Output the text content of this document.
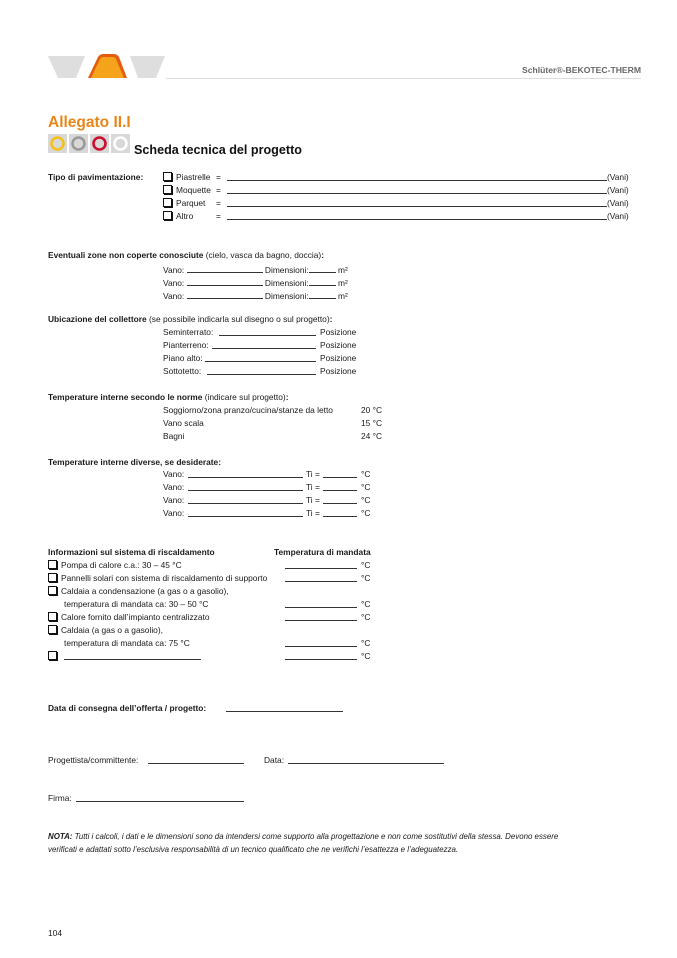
Schlüter®-BEKOTEC-THERM
Allegato II.I
Scheda tecnica del progetto
Tipo di pavimentazione:	Piastrelle =	(Vani)
Moquette =	(Vani)
Parquet =	(Vani)
Altro	=	(Vani)
Eventuali zone non coperte conosciute (cielo, vasca da bagno, doccia):
Vano:	Dimensioni:	m²
Vano:	Dimensioni:	m²
Vano:	Dimensioni:	m²
Ubicazione del collettore (se possibile indicarla sul disegno o sul progetto):
Seminterrato:	Posizione
Pianterreno:	Posizione
Piano alto:	Posizione
Sottotetto:	Posizione
Temperature interne secondo le norme (indicare sul progetto):
Soggiorno/zona pranzo/cucina/stanze da letto	20 °C
Vano scala	15 °C
Bagni	24 °C
Temperature interne diverse, se desiderate:
Vano:	Ti =	°C
Vano:	Ti =	°C
Vano:	Ti =	°C
Vano:	Ti =	°C
Informazioni sul sistema di riscaldamento	Temperatura di mandata
Pompa di calore c.a.: 30 – 45 °C	°C
Pannelli solari con sistema di riscaldamento di supporto	°C
Caldaia a condensazione (a gas o a gasolio),
temperatura di mandata ca: 30 – 50 °C	°C
Calore fornito dall’impianto centralizzato	°C
Caldaia (a gas o a gasolio),
temperatura di mandata ca: 75 °C	°C
°C
Data di consegna dell’offerta / progetto:
Progettista/committente:	Data:
Firma:
NOTA: Tutti i calcoli, i dati e le dimensioni sono da intendersi come supporto alla progettazione e non come sostitutivi della stessa. Devono essere
verificati e adattati sotto l’esclusiva responsabilità di un tecnico qualificato che ne verifichi l’esattezza e l’adeguatezza.
104
